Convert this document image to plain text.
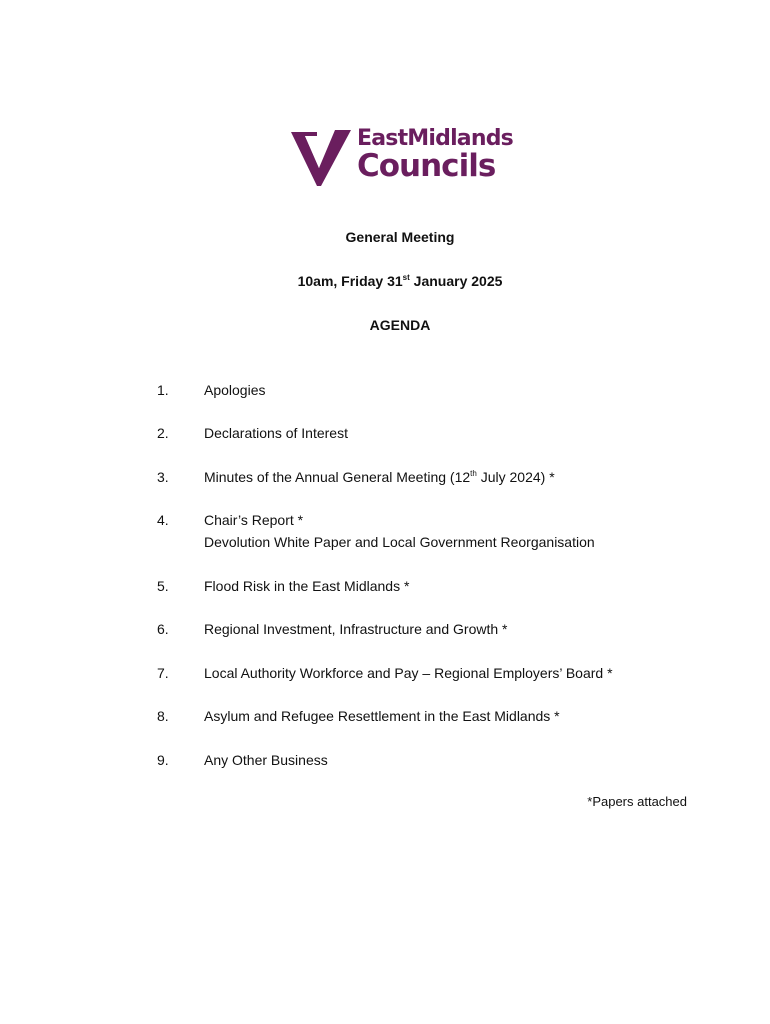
EastMidlands
Councils
General Meeting
10am, Friday 31st January 2025
AGENDA
1.	Apologies
2.	Declarations of Interest
3.	Minutes of the Annual General Meeting (12th July 2024) *
4.	Chair’s Report *
Devolution White Paper and Local Government Reorganisation
5.	Flood Risk in the East Midlands *
6.	Regional Investment, Infrastructure and Growth *
7.	Local Authority Workforce and Pay – Regional Employers’ Board *
8.	Asylum and Refugee Resettlement in the East Midlands *
9.	Any Other Business
*Papers attached
